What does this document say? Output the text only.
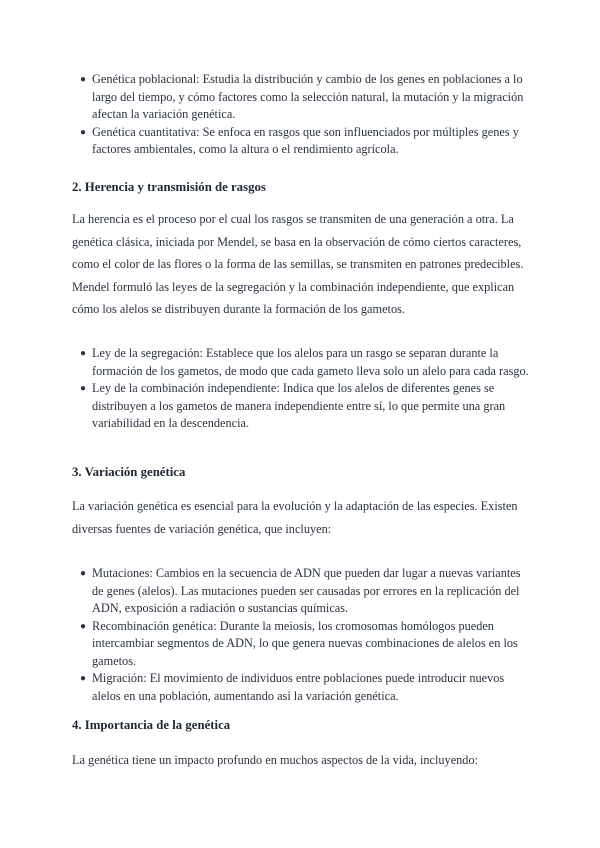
● Genética poblacional: Estudia la distribución y cambio de los genes en poblaciones a lo largo del tiempo, y cómo factores como la selección natural, la mutación y la migración afectan la variación genética.
● Genética cuantitativa: Se enfoca en rasgos que son influenciados por múltiples genes y factores ambientales, como la altura o el rendimiento agrícola.
2. Herencia y transmisión de rasgos

La herencia es el proceso por el cual los rasgos se transmiten de una generación a otra. La genética clásica, iniciada por Mendel, se basa en la observación de cómo ciertos caracteres, como el color de las flores o la forma de las semillas, se transmiten en patrones predecibles. Mendel formuló las leyes de la segregación y la combinación independiente, que explican cómo los alelos se distribuyen durante la formación de los gametos.

● Ley de la segregación: Establece que los alelos para un rasgo se separan durante la formación de los gametos, de modo que cada gameto lleva solo un alelo para cada rasgo.
● Ley de la combinación independiente: Indica que los alelos de diferentes genes se distribuyen a los gametos de manera independiente entre sí, lo que permite una gran variabilidad en la descendencia.
3. Variación genética

La variación genética es esencial para la evolución y la adaptación de las especies. Existen diversas fuentes de variación genética, que incluyen:

● Mutaciones: Cambios en la secuencia de ADN que pueden dar lugar a nuevas variantes de genes (alelos). Las mutaciones pueden ser causadas por errores en la replicación del ADN, exposición a radiación o sustancias químicas.
● Recombinación genética: Durante la meiosis, los cromosomas homólogos pueden intercambiar segmentos de ADN, lo que genera nuevas combinaciones de alelos en los gametos.
● Migración: El movimiento de individuos entre poblaciones puede introducir nuevos alelos en una población, aumentando así la variación genética.
4. Importancia de la genética

La genética tiene un impacto profundo en muchos aspectos de la vida, incluyendo:
